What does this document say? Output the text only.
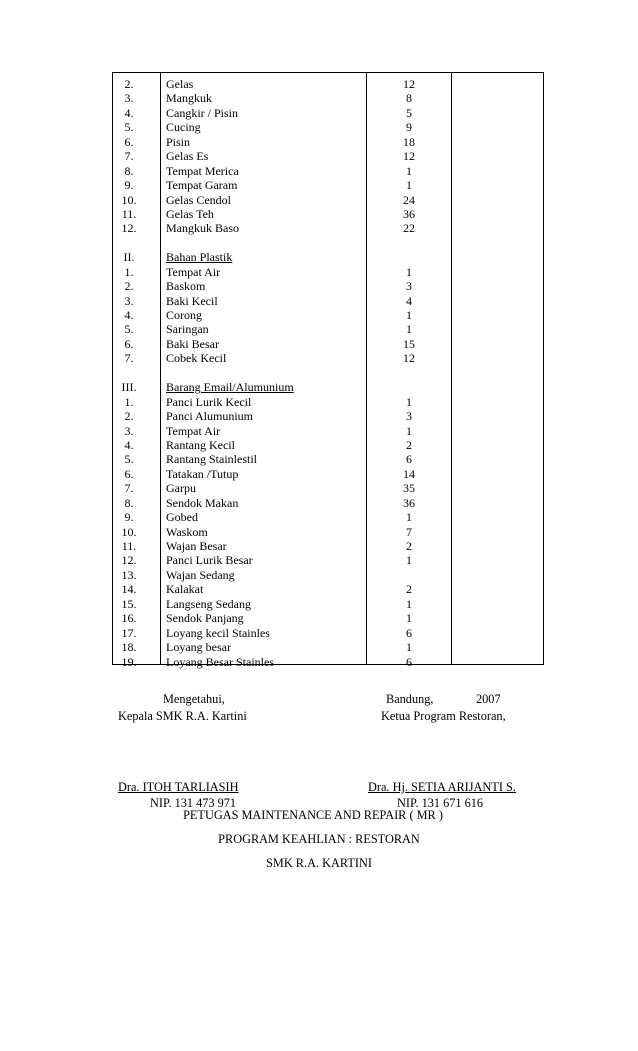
2.	Gelas	12
3.	Mangkuk	8
4.	Cangkir / Pisin	5
5.	Cucing	9
6.	Pisin	18
7.	Gelas Es	12
8.	Tempat Merica	1
9.	Tempat Garam	1
10.	Gelas Cendol	24
11.	Gelas Teh	36
12.	Mangkuk Baso	22
II.	Bahan Plastik
1.	Tempat Air	1
2.	Baskom	3
3.	Baki Kecil	4
4.	Corong	1
5.	Saringan	1
6.	Baki Besar	15
7.	Cobek Kecil	12
III.	Barang Email/Alumunium
1.	Panci Lurik Kecil	1
2.	Panci Alumunium	3
3.	Tempat Air	1
4.	Rantang Kecil	2
5.	Rantang Stainlestil	6
6.	Tatakan /Tutup	14
7.	Garpu	35
8.	Sendok Makan	36
9.	Gobed	1
10.	Waskom	7
11.	Wajan Besar	2
12.	Panci Lurik Besar	1
13.	Wajan Sedang
14.	Kalakat	2
15.	Langseng Sedang	1
16.	Sendok Panjang	1
17.	Loyang kecil Stainles	6
18.	Loyang besar	1
19.	Loyang Besar Stainles	6
Mengetahui,
Kepala SMK R.A. Kartini
Bandung,	2007
Ketua Program Restoran,
Dra. ITOH TARLIASIH
NIP. 131 473 971
Dra. Hj. SETIA ARIJANTI S.
NIP. 131 671 616
PETUGAS MAINTENANCE AND REPAIR ( MR )
PROGRAM KEAHLIAN : RESTORAN
SMK R.A. KARTINI
